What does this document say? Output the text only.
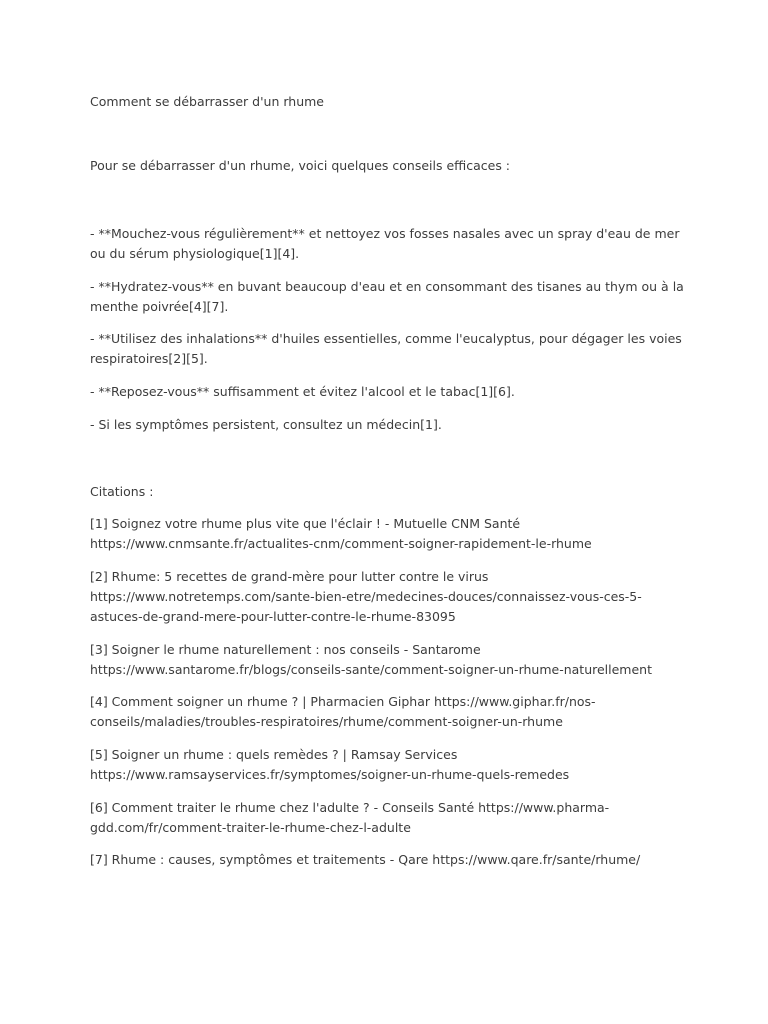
Comment se débarrasser d'un rhume

Pour se débarrasser d'un rhume, voici quelques conseils efficaces :

- **Mouchez-vous régulièrement** et nettoyez vos fosses nasales avec un spray d'eau de mer ou du sérum physiologique[1][4].

- **Hydratez-vous** en buvant beaucoup d'eau et en consommant des tisanes au thym ou à la menthe poivrée[4][7].

- **Utilisez des inhalations** d'huiles essentielles, comme l'eucalyptus, pour dégager les voies respiratoires[2][5].

- **Reposez-vous** suffisamment et évitez l'alcool et le tabac[1][6].

- Si les symptômes persistent, consultez un médecin[1].

Citations :

[1] Soignez votre rhume plus vite que l'éclair ! - Mutuelle CNM Santé https://www.cnmsante.fr/actualites-cnm/comment-soigner-rapidement-le-rhume

[2] Rhume: 5 recettes de grand-mère pour lutter contre le virus https://www.notretemps.com/sante-bien-etre/medecines-douces/connaissez-vous-ces-5-astuces-de-grand-mere-pour-lutter-contre-le-rhume-83095

[3] Soigner le rhume naturellement : nos conseils - Santarome https://www.santarome.fr/blogs/conseils-sante/comment-soigner-un-rhume-naturellement

[4] Comment soigner un rhume ? | Pharmacien Giphar https://www.giphar.fr/nos-conseils/maladies/troubles-respiratoires/rhume/comment-soigner-un-rhume

[5] Soigner un rhume : quels remèdes ? | Ramsay Services https://www.ramsayservices.fr/symptomes/soigner-un-rhume-quels-remedes

[6] Comment traiter le rhume chez l'adulte ? - Conseils Santé https://www.pharma-gdd.com/fr/comment-traiter-le-rhume-chez-l-adulte

[7] Rhume : causes, symptômes et traitements - Qare https://www.qare.fr/sante/rhume/
